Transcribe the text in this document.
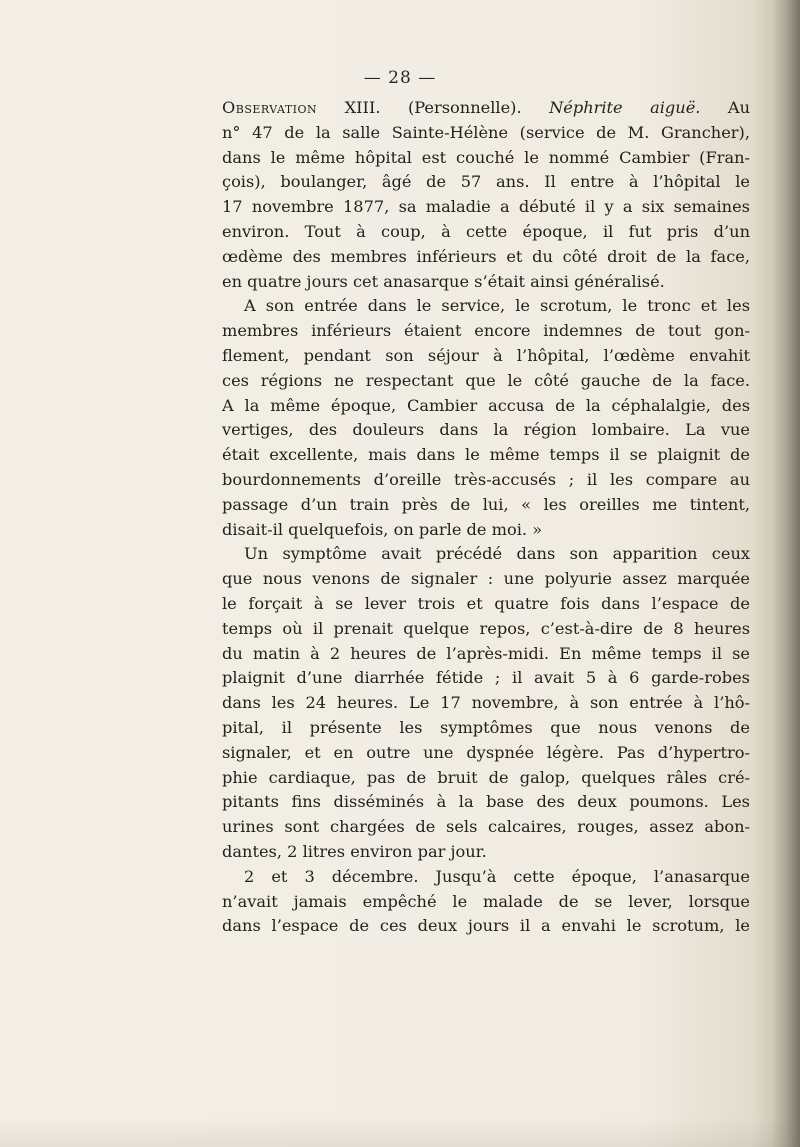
— 28 —
Observation XIII. (Personnelle). Néphrite aiguë. Au
n° 47 de la salle Sainte-Hélène (service de M. Grancher),
dans le même hôpital est couché le nommé Cambier (Fran-
çois), boulanger, âgé de 57 ans. Il entre à l’hôpital le
17 novembre 1877, sa maladie a débuté il y a six semaines
environ. Tout à coup, à cette époque, il fut pris d’un
œdème des membres inférieurs et du côté droit de la face,
en quatre jours cet anasarque s’était ainsi généralisé.
A son entrée dans le service, le scrotum, le tronc et les
membres inférieurs étaient encore indemnes de tout gon-
flement, pendant son séjour à l’hôpital, l’œdème envahit
ces régions ne respectant que le côté gauche de la face.
A la même époque, Cambier accusa de la céphalalgie, des
vertiges, des douleurs dans la région lombaire. La vue
était excellente, mais dans le même temps il se plaignit de
bourdonnements d’oreille très-accusés ; il les compare au
passage d’un train près de lui, « les oreilles me tintent,
disait-il quelquefois, on parle de moi. »
Un symptôme avait précédé dans son apparition ceux
que nous venons de signaler : une polyurie assez marquée
le forçait à se lever trois et quatre fois dans l’espace de
temps où il prenait quelque repos, c’est-à-dire de 8 heures
du matin à 2 heures de l’après-midi. En même temps il se
plaignit d’une diarrhée fétide ; il avait 5 à 6 garde-robes
dans les 24 heures. Le 17 novembre, à son entrée à l’hô-
pital, il présente les symptômes que nous venons de
signaler, et en outre une dyspnée légère. Pas d’hypertro-
phie cardiaque, pas de bruit de galop, quelques râles cré-
pitants fins disséminés à la base des deux poumons. Les
urines sont chargées de sels calcaires, rouges, assez abon-
dantes, 2 litres environ par jour.
2 et 3 décembre. Jusqu’à cette époque, l’anasarque
n’avait jamais empêché le malade de se lever, lorsque
dans l’espace de ces deux jours il a envahi le scrotum, le
